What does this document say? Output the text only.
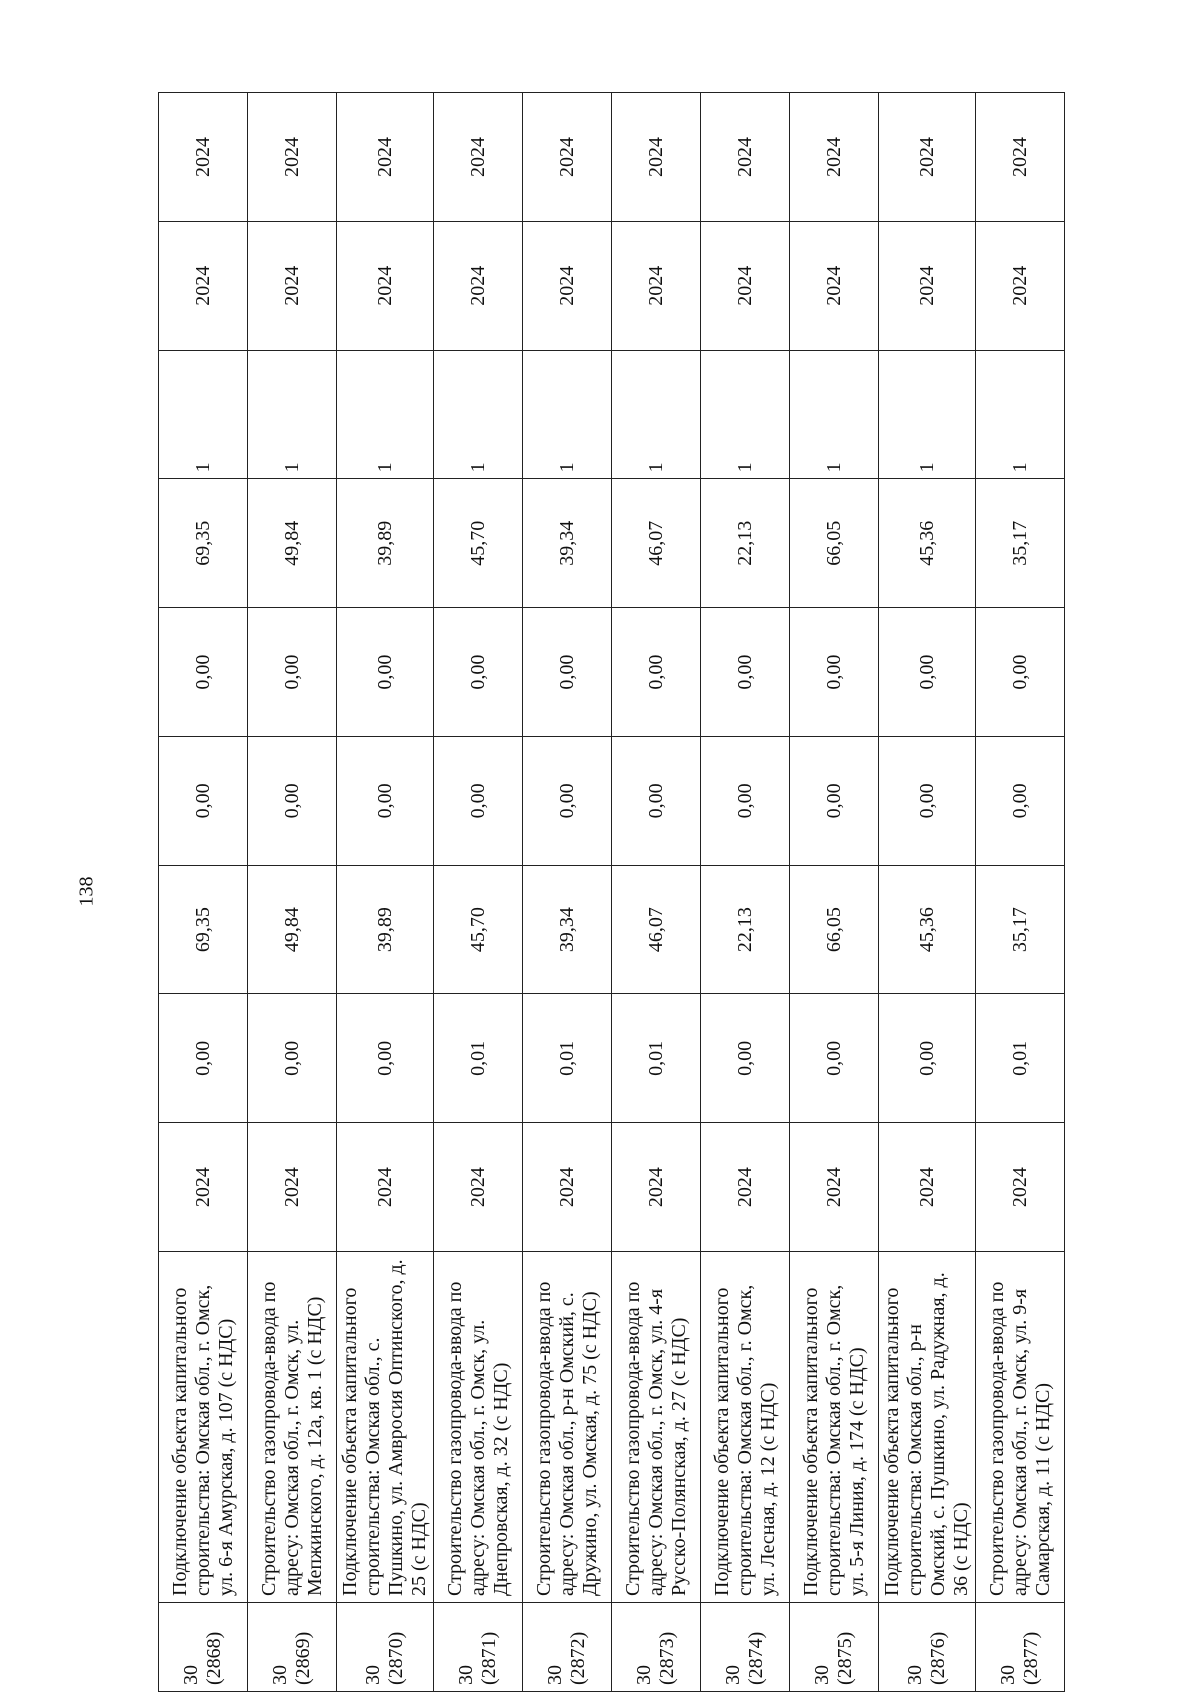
138
30 (2868)	Подключение объекта капитального строительства: Омская обл., г. Омск, ул. 6-я Амурская, д. 107 (с НДС)	2024	0,00	69,35	0,00	0,00	69,35	1	2024	2024

30 (2869)	Строительство газопровода-ввода по адресу: Омская обл., г. Омск, ул. Мепжинского, д. 12а, кв. 1 (с НДС)	2024	0,00	49,84	0,00	0,00	49,84	1	2024	2024

30 (2870)	Подключение объекта капитального строительства: Омская обл., с. Пушкино, ул. Амвросия Оптинского, д. 25 (с НДС)	2024	0,00	39,89	0,00	0,00	39,89	1	2024	2024

30 (2871)	Строительство газопровода-ввода по адресу: Омская обл., г. Омск, ул. Днепровская, д. 32 (с НДС)	2024	0,01	45,70	0,00	0,00	45,70	1	2024	2024

30 (2872)	Строительство газопровода-ввода по адресу: Омская обл., р-н Омский, с. Дружино, ул. Омская, д. 75 (с НДС)	2024	0,01	39,34	0,00	0,00	39,34	1	2024	2024

30 (2873)	Строительство газопровода-ввода по адресу: Омская обл., г. Омск, ул. 4-я Русско-Полянская, д. 27 (с НДС)	2024	0,01	46,07	0,00	0,00	46,07	1	2024	2024

30 (2874)	Подключение объекта капитального строительства: Омская обл., г. Омск, ул. Лесная, д. 12 (с НДС)	2024	0,00	22,13	0,00	0,00	22,13	1	2024	2024

30 (2875)	Подключение объекта капитального строительства: Омская обл., г. Омск, ул. 5-я Линия, д. 174 (с НДС)	2024	0,00	66,05	0,00	0,00	66,05	1	2024	2024

30 (2876)	Подключение объекта капитального строительства: Омская обл., р-н Омский, с. Пушкино, ул. Радужная, д. 36 (с НДС)	2024	0,00	45,36	0,00	0,00	45,36	1	2024	2024

30 (2877)	Строительство газопровода-ввода по адресу: Омская обл., г. Омск, ул. 9-я Самарская, д. 11 (с НДС)	2024	0,01	35,17	0,00	0,00	35,17	1	2024	2024
